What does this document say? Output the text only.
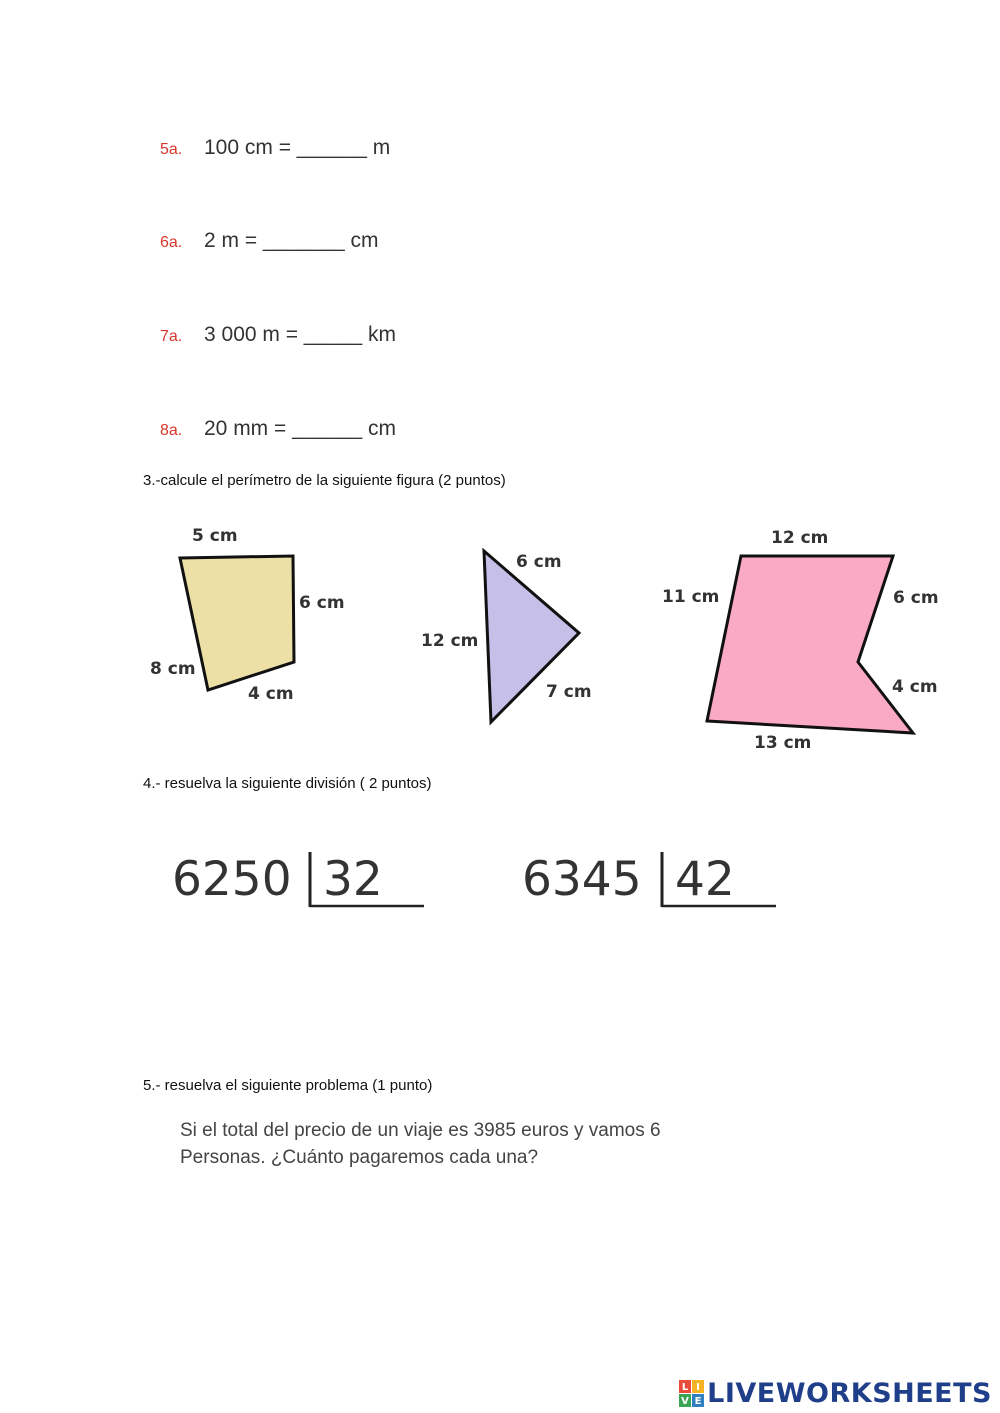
5a. 100 cm = ______ m
6a. 2 m = _______ cm
7a. 3 000 m = _____ km
8a. 20 mm = ______ cm
3.-calcule el perímetro de la siguiente figura (2 puntos)
5 cm
6 cm
8 cm
4 cm
6 cm
12 cm
7 cm
12 cm
11 cm	6 cm
4 cm
13 cm
4.- resuelva la siguiente división ( 2 puntos)
6250 32	6345 42
5.- resuelva el siguiente problema (1 punto)
Si el total del precio de un viaje es 3985 euros y vamos 6
Personas. ¿Cuánto pagaremos cada una?
L I
V E LIVEWORKSHEETS
